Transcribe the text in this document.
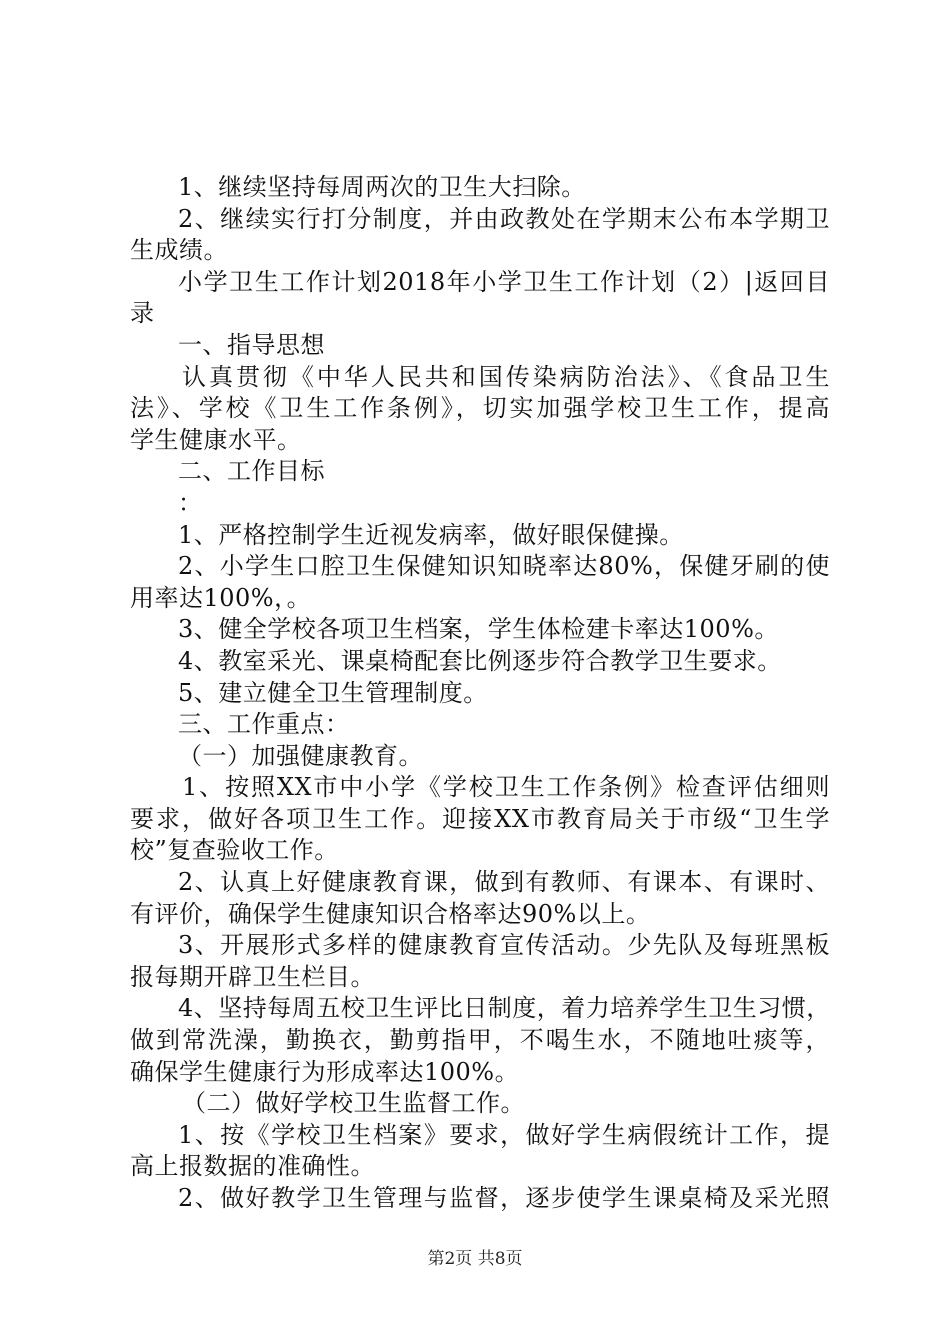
1、继续坚持每周两次的卫生大扫除。
2、继续实行打分制度，并由政教处在学期末公布本学期卫
生成绩。
小学卫生工作计划2018年小学卫生工作计划（2）|返回目
录
一、指导思想
认真贯彻《中华人民共和国传染病防治法》、《食品卫生
法》、学校《卫生工作条例》，切实加强学校卫生工作，提高
学生健康水平。
二、工作目标
：
1、严格控制学生近视发病率，做好眼保健操。
2、小学生口腔卫生保健知识知晓率达80%，保健牙刷的使
用率达100%，。
3、健全学校各项卫生档案，学生体检建卡率达100%。
4、教室采光、课桌椅配套比例逐步符合教学卫生要求。
5、建立健全卫生管理制度。
三、工作重点：
（一）加强健康教育。
1、按照XX市中小学《学校卫生工作条例》检查评估细则
要求，做好各项卫生工作。迎接XX市教育局关于市级“卫生学
校”复查验收工作。
2、认真上好健康教育课，做到有教师、有课本、有课时、
有评价，确保学生健康知识合格率达90%以上。
3、开展形式多样的健康教育宣传活动。少先队及每班黑板
报每期开辟卫生栏目。
4、坚持每周五校卫生评比日制度，着力培养学生卫生习惯，
做到常洗澡，勤换衣，勤剪指甲，不喝生水，不随地吐痰等，
确保学生健康行为形成率达100%。
（二）做好学校卫生监督工作。
1、按《学校卫生档案》要求，做好学生病假统计工作，提
高上报数据的准确性。
2、做好教学卫生管理与监督，逐步使学生课桌椅及采光照
第2页 共8页
